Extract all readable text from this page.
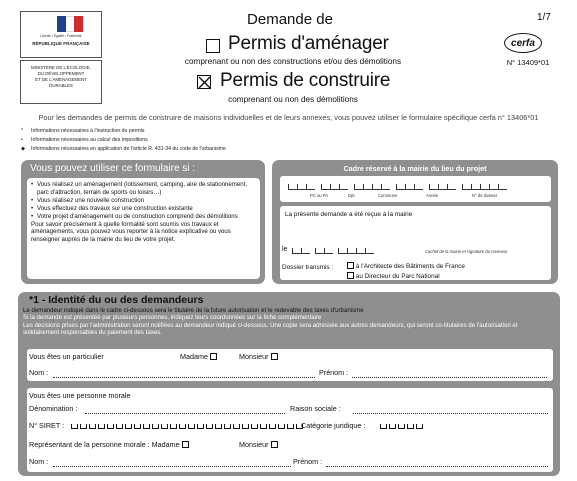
Liberté • Égalité • Fraternité
RÉPUBLIQUE FRANÇAISE
MINISTÈRE DE L'ÉCOLOGIE,
DU DÉVELOPPEMENT
ET DE L'AMÉNAGEMENT
DURABLES
Demande de	1/7
Permis d'aménager
comprenant ou non des constructions et/ou des démolitions
Permis de construire
comprenant ou non des démolitions
cerfa
N° 13409*01
Pour les demandes de permis de construire de maisons individuelles et de leurs annexes, vous pouvez utiliser le formulaire spécifique cerfa n° 13406*01
* Informations nécessaires à l'instruction du permis
• Informations nécessaires au calcul des impositions
◆ Informations nécessaires en application de l'article R. 431-34 du code de l'urbanisme
Vous pouvez utiliser ce formulaire si :
• Vous réalisez un aménagement (lotissement, camping, aire de stationnement, parc d'attraction, terrain de sports ou loisirs…)
• Vous réalisez une nouvelle construction
• Vous effectuez des travaux sur une construction existante
• Votre projet d'aménagement ou de construction comprend des démolitions

Pour savoir précisément à quelle formalité sont soumis vos travaux et aménagements, vous pouvez vous reporter à la notice explicative ou vous renseigner auprès de la mairie du lieu de votre projet.

Cadre réservé à la mairie du lieu du projet
PC ou PA	Dpt	Commune	Année	N° de dossier
La présente demande a été reçue à la mairie
le	Cachet de la mairie et signature du receveur
Dossier transmis :	à l'Architecte des Bâtiments de France
au Directeur du Parc National
*1 - Identité du ou des demandeurs

Le demandeur indiqué dans le cadre ci-dessous sera le titulaire de la future autorisation et le redevable des taxes d'urbanisme

Si la demande est présentée par plusieurs personnes, indiquez leurs coordonnées sur la fiche complémentaire

Les décisions prises par l'administration seront notifiées au demandeur indiqué ci-dessous. Une copie sera adressée aux autres demandeurs, qui seront co-titulaires de l'autorisation et solidairement responsables du paiement des taxes.

Vous êtes un particulier	Madame	Monsieur
Nom :	Prénom :
Vous êtes une personne morale
Dénomination :	Raison sociale :
N° SIRET :	Catégorie juridique :
Représentant de la personne morale : Madame	Monsieur
Nom :	Prénom :
